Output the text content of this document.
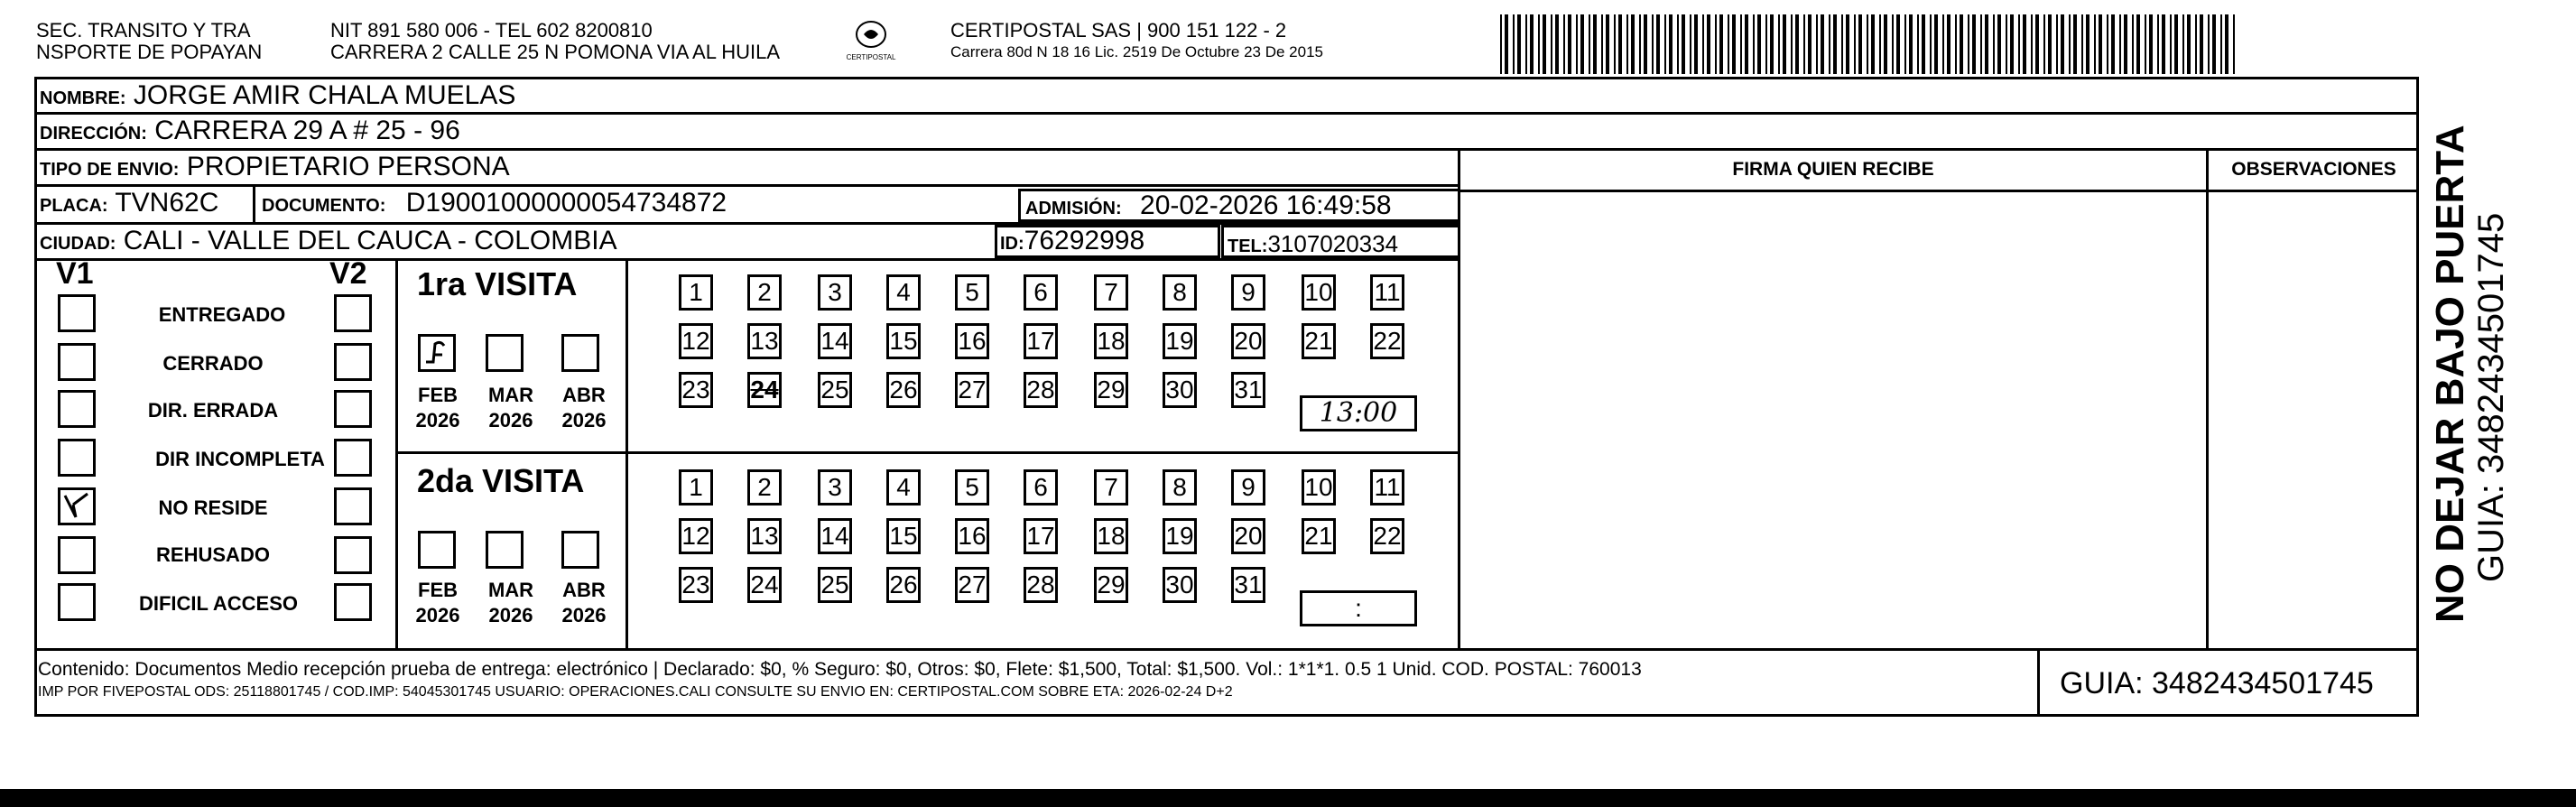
SEC. TRANSITO Y TRA
NSPORTE DE POPAYAN
NIT 891 580 006 - TEL 602 8200810
CARRERA 2 CALLE 25 N POMONA VIA AL HUILA	CERTIPOSTAL
CERTIPOSTAL SAS | 900 151 122 - 2
Carrera 80d N 18 16 Lic. 2519 De Octubre 23 De 2015
NOMBRE: JORGE AMIR CHALA MUELAS
DIRECCIÓN: CARRERA 29 A # 25 - 96
TIPO DE ENVIO: PROPIETARIO PERSONA
PLACA: TVN62C DOCUMENTO: D19001000000054734872	ADMISIÓN: 20-02-2026 16:49:58
CIUDAD: CALI - VALLE DEL CAUCA - COLOMBIA	ID:76292998	TEL:3107020334
FIRMA QUIEN RECIBE	OBSERVACIONES
V1	V2
ENTREGADO
CERRADO
DIR. ERRADA
DIR INCOMPLETA
NO RESIDE
REHUSADO
DIFICIL ACCESO
1ra VISITA
2da VISITA
FEB
2026
MAR
2026
ABR
2026
FEB
2026
MAR
2026
ABR
2026
1	2	3	4	5	6	7	8	9	10 11
12 13 14 15 16 17 18 19 20 21 22
23 24 25 26 27 28 29 30 31
1	2	3	4	5	6	7	8	9	10 11
12 13 14 15 16 17 18 19 20 21 22
23 24 25 26 27 28 29 30 31
13:00
:
Contenido: Documentos Medio recepción prueba de entrega: electrónico | Declarado: $0, % Seguro: $0, Otros: $0, Flete: $1,500, Total: $1,500. Vol.: 1*1*1. 0.5 1 Unid. COD. POSTAL: 760013
IMP POR FIVEPOSTAL ODS: 25118801745 / COD.IMP: 54045301745 USUARIO: OPERACIONES.CALI CONSULTE SU ENVIO EN: CERTIPOSTAL.COM SOBRE ETA: 2026-02-24 D+2	GUIA: 3482434501745
NO DEJAR BAJO PUERTA GUIA: 3482434501745
